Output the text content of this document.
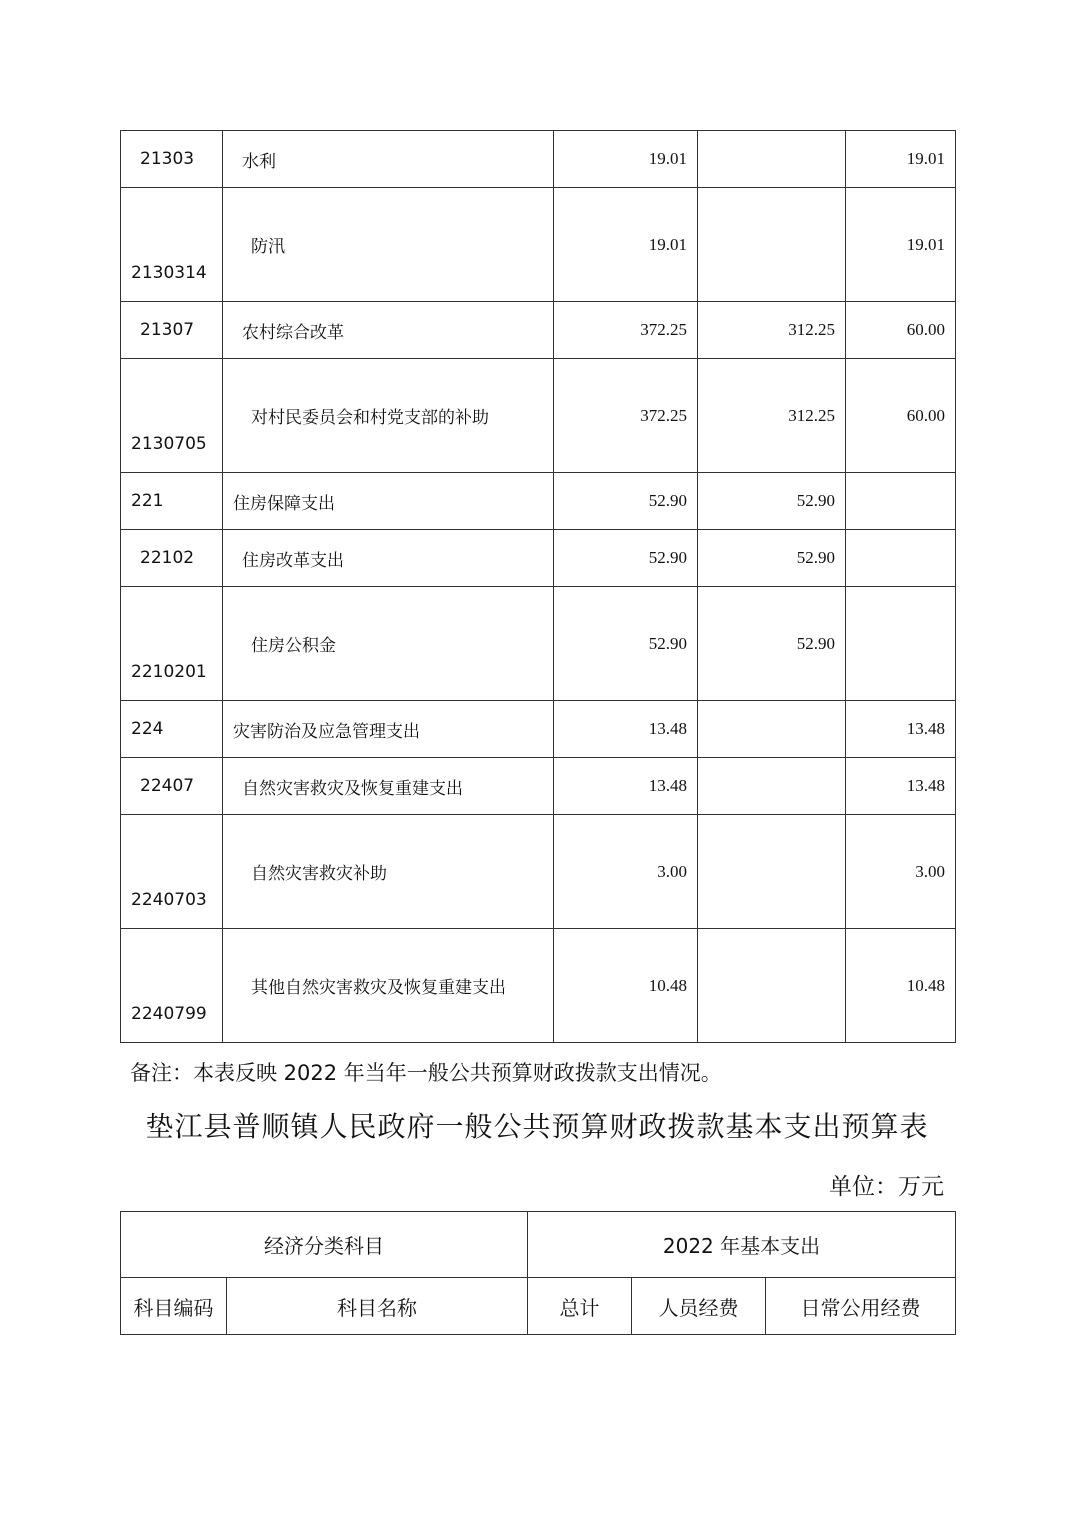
21303	水利	19.01		19.01

2130314	防汛	19.01		19.01

21307	农村综合改革	372.25	312.25	60.00

2130705	对村民委员会和村党支部的补助	372.25	312.25	60.00

221	住房保障支出	52.90	52.90	

22102	住房改革支出	52.90	52.90	

2210201	住房公积金	52.90	52.90	

224	灾害防治及应急管理支出	13.48		13.48

22407	自然灾害救灾及恢复重建支出	13.48		13.48

2240703	自然灾害救灾补助	3.00		3.00

2240799	其他自然灾害救灾及恢复重建支出	10.48		10.48
备注：本表反映 2022 年当年一般公共预算财政拨款支出情况。
垫江县普顺镇人民政府一般公共预算财政拨款基本支出预算表
单位：万元
经济分类科目		2022 年基本支出		
科目编码	科目名称	总计	人员经费	日常公用经费
